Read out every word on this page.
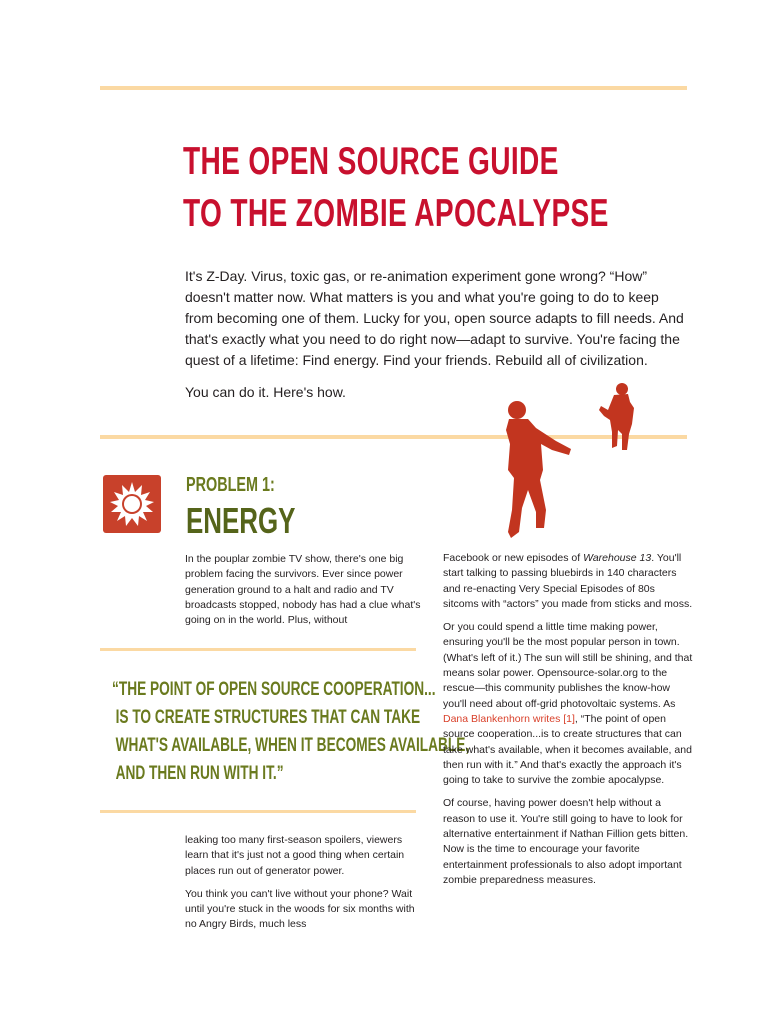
THE OPEN SOURCE GUIDE
TO THE ZOMBIE APOCALYPSE

It's Z-Day. Virus, toxic gas, or re-animation experiment gone wrong? “How” doesn't matter now. What matters is you and what you're going to do to keep from becoming one of them. Lucky for you, open source adapts to fill needs. And that's exactly what you need to do right now—adapt to survive. You're facing the quest of a lifetime: Find energy. Find your friends. Rebuild all of civilization.

You can do it. Here's how.

PROBLEM 1:
ENERGY

In the pouplar zombie TV show, there's one big problem facing the survivors. Ever since power generation ground to a halt and radio and TV broadcasts stopped, nobody has had a clue what's going on in the world. Plus, without

“THE POINT OF OPEN SOURCE COOPERATION...
IS TO CREATE STRUCTURES THAT CAN TAKE
WHAT'S AVAILABLE, WHEN IT BECOMES AVAILABLE,
AND THEN RUN WITH IT.”

leaking too many first-season spoilers, viewers learn that it's just not a good thing when certain places run out of generator power.

You think you can't live without your phone? Wait until you're stuck in the woods for six months with no Angry Birds, much less

Facebook or new episodes of Warehouse 13. You'll start talking to passing bluebirds in 140 characters and re-enacting Very Special Episodes of 80s sitcoms with “actors” you made from sticks and moss.

Or you could spend a little time making power, ensuring you'll be the most popular person in town. (What's left of it.) The sun will still be shining, and that means solar power. Opensource-solar.org to the rescue—this community publishes the know-how you'll need about off-grid photovoltaic systems. As Dana Blankenhorn writes [1], “The point of open source cooperation...is to create structures that can take what's available, when it becomes available, and then run with it.” And that's exactly the approach it's going to take to survive the zombie apocalypse.

Of course, having power doesn't help without a reason to use it. You're still going to have to look for alternative entertainment if Nathan Fillion gets bitten. Now is the time to encourage your favorite entertainment professionals to also adopt important zombie preparedness measures.
